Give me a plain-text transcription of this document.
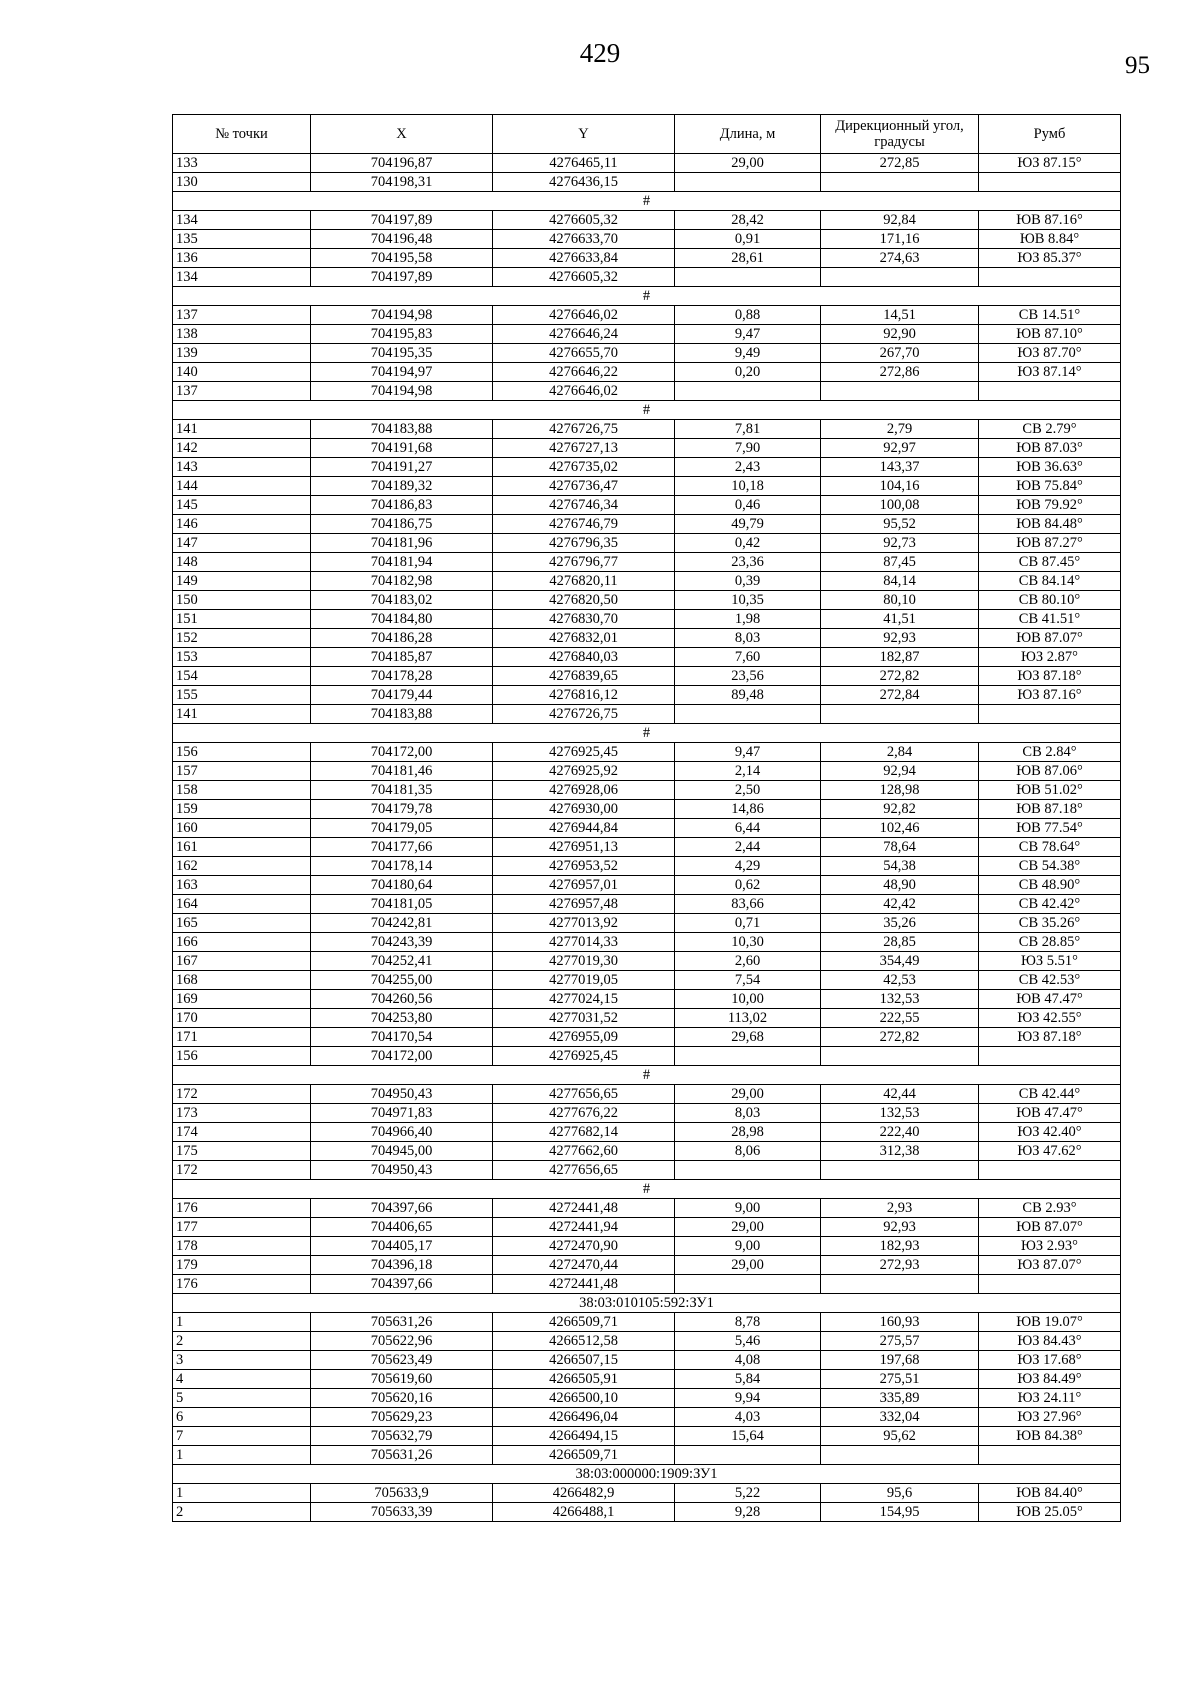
429	95
№ точки	X	Y	Длина, м	Дирекционный угол, градусы	Румб
133	704196,87	4276465,11	29,00	272,85	ЮЗ 87.15°
130	704198,31	4276436,15			
#					
134	704197,89	4276605,32	28,42	92,84	ЮВ 87.16°
135	704196,48	4276633,70	0,91	171,16	ЮВ 8.84°
136	704195,58	4276633,84	28,61	274,63	ЮЗ 85.37°
134	704197,89	4276605,32			
#					
137	704194,98	4276646,02	0,88	14,51	СВ 14.51°
138	704195,83	4276646,24	9,47	92,90	ЮВ 87.10°
139	704195,35	4276655,70	9,49	267,70	ЮЗ 87.70°
140	704194,97	4276646,22	0,20	272,86	ЮЗ 87.14°
137	704194,98	4276646,02			
#					
141	704183,88	4276726,75	7,81	2,79	СВ 2.79°
142	704191,68	4276727,13	7,90	92,97	ЮВ 87.03°
143	704191,27	4276735,02	2,43	143,37	ЮВ 36.63°
144	704189,32	4276736,47	10,18	104,16	ЮВ 75.84°
145	704186,83	4276746,34	0,46	100,08	ЮВ 79.92°
146	704186,75	4276746,79	49,79	95,52	ЮВ 84.48°
147	704181,96	4276796,35	0,42	92,73	ЮВ 87.27°
148	704181,94	4276796,77	23,36	87,45	СВ 87.45°
149	704182,98	4276820,11	0,39	84,14	СВ 84.14°
150	704183,02	4276820,50	10,35	80,10	СВ 80.10°
151	704184,80	4276830,70	1,98	41,51	СВ 41.51°
152	704186,28	4276832,01	8,03	92,93	ЮВ 87.07°
153	704185,87	4276840,03	7,60	182,87	ЮЗ 2.87°
154	704178,28	4276839,65	23,56	272,82	ЮЗ 87.18°
155	704179,44	4276816,12	89,48	272,84	ЮЗ 87.16°
141	704183,88	4276726,75			
#					
156	704172,00	4276925,45	9,47	2,84	СВ 2.84°
157	704181,46	4276925,92	2,14	92,94	ЮВ 87.06°
158	704181,35	4276928,06	2,50	128,98	ЮВ 51.02°
159	704179,78	4276930,00	14,86	92,82	ЮВ 87.18°
160	704179,05	4276944,84	6,44	102,46	ЮВ 77.54°
161	704177,66	4276951,13	2,44	78,64	СВ 78.64°
162	704178,14	4276953,52	4,29	54,38	СВ 54.38°
163	704180,64	4276957,01	0,62	48,90	СВ 48.90°
164	704181,05	4276957,48	83,66	42,42	СВ 42.42°
165	704242,81	4277013,92	0,71	35,26	СВ 35.26°
166	704243,39	4277014,33	10,30	28,85	СВ 28.85°
167	704252,41	4277019,30	2,60	354,49	ЮЗ 5.51°
168	704255,00	4277019,05	7,54	42,53	СВ 42.53°
169	704260,56	4277024,15	10,00	132,53	ЮВ 47.47°
170	704253,80	4277031,52	113,02	222,55	ЮЗ 42.55°
171	704170,54	4276955,09	29,68	272,82	ЮЗ 87.18°
156	704172,00	4276925,45			
#					
172	704950,43	4277656,65	29,00	42,44	СВ 42.44°
173	704971,83	4277676,22	8,03	132,53	ЮВ 47.47°
174	704966,40	4277682,14	28,98	222,40	ЮЗ 42.40°
175	704945,00	4277662,60	8,06	312,38	ЮЗ 47.62°
172	704950,43	4277656,65			
#					
176	704397,66	4272441,48	9,00	2,93	СВ 2.93°
177	704406,65	4272441,94	29,00	92,93	ЮВ 87.07°
178	704405,17	4272470,90	9,00	182,93	ЮЗ 2.93°
179	704396,18	4272470,44	29,00	272,93	ЮЗ 87.07°
176	704397,66	4272441,48			
38:03:010105:592:ЗУ1					
1	705631,26	4266509,71	8,78	160,93	ЮВ 19.07°
2	705622,96	4266512,58	5,46	275,57	ЮЗ 84.43°
3	705623,49	4266507,15	4,08	197,68	ЮЗ 17.68°
4	705619,60	4266505,91	5,84	275,51	ЮЗ 84.49°
5	705620,16	4266500,10	9,94	335,89	ЮЗ 24.11°
6	705629,23	4266496,04	4,03	332,04	ЮЗ 27.96°
7	705632,79	4266494,15	15,64	95,62	ЮВ 84.38°
1	705631,26	4266509,71			
38:03:000000:1909:ЗУ1					
1	705633,9	4266482,9	5,22	95,6	ЮВ 84.40°
2	705633,39	4266488,1	9,28	154,95	ЮВ 25.05°
